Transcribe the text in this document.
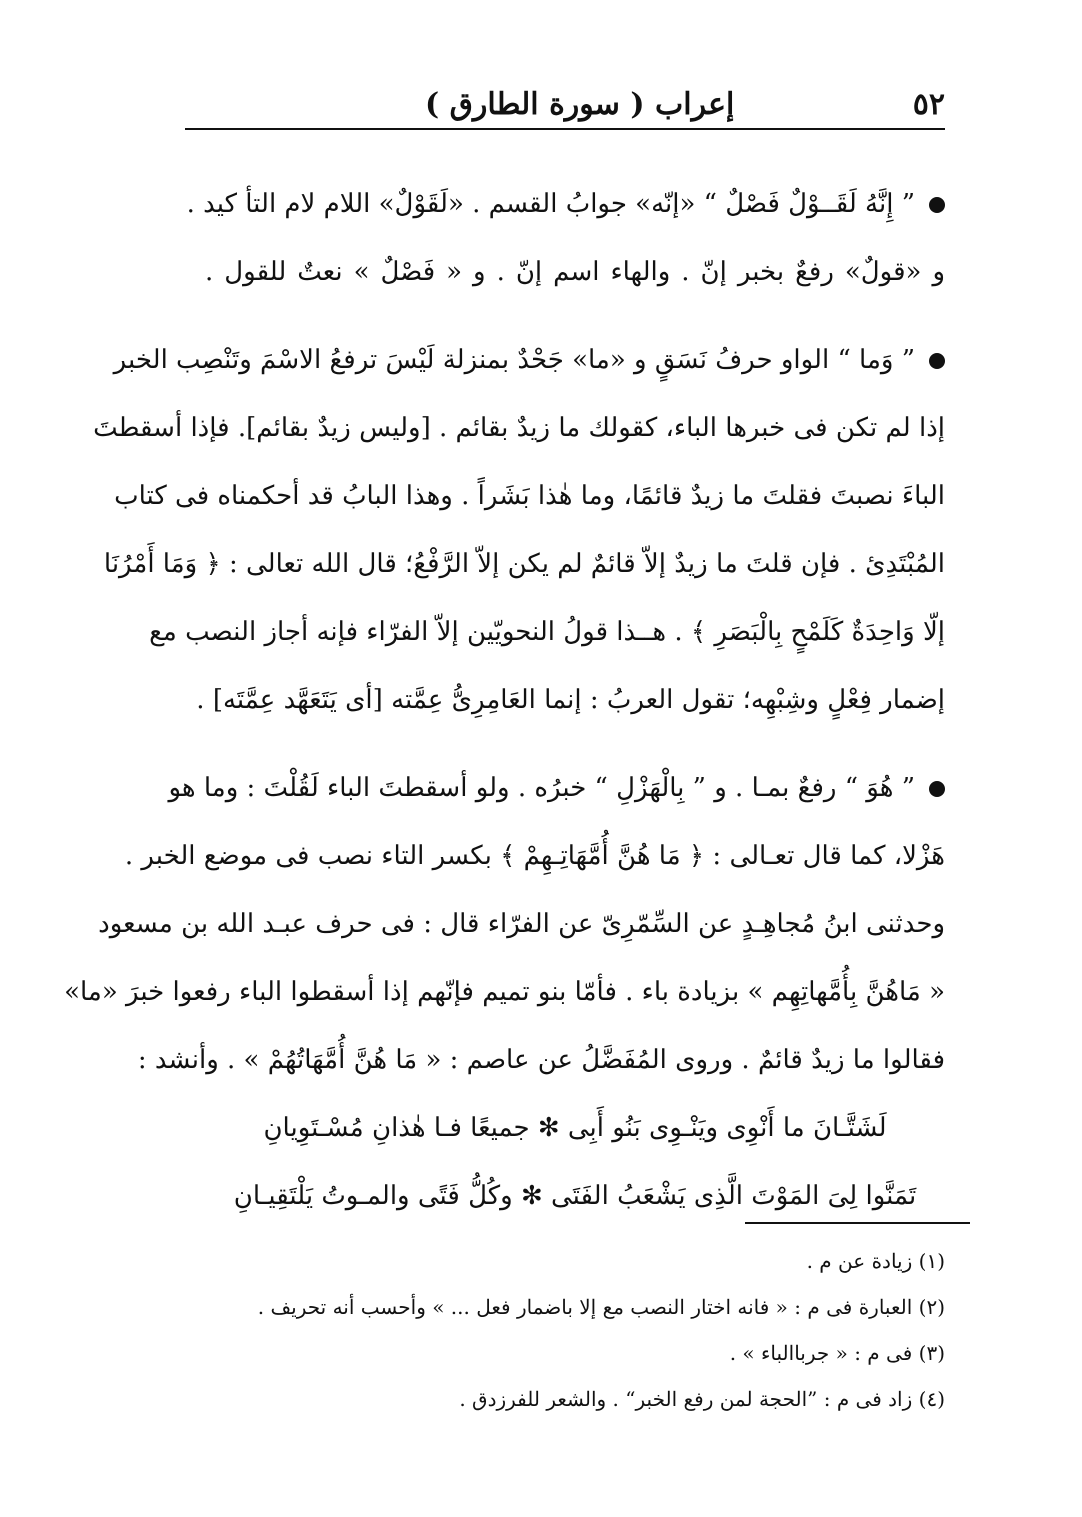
إعراب ( سورة الطارق )	٥٢
” إِنَّهُ لَقَــوْلٌ فَصْلٌ “ «إنّه» جوابُ القسم . «لَقَوْلٌ» اللام لام التأ كيد .
و «قولٌ» رفعٌ بخبر إنّ . والهاء اسم إنّ . و « فَصْلٌ » نعتٌ للقول .
” وَما “ الواو حرفُ نَسَقٍ و «ما» جَحْدٌ بمنزلة لَيْسَ ترفعُ الاسْمَ وتَنْصِب الخبر
إذا لم تكن فى خبرها الباء، كقولك ما زيدٌ بقائم . [وليس زيدٌ بقائم]. فإذا أسقطتَ
الباءَ نصبتَ فقلتَ ما زيدٌ قائمًا، وما هٰذا بَشَراً . وهذا البابُ قد أحكمناه فى كتاب
المُبْتَدِئ . فإن قلتَ ما زيدٌ إلاّ قائمٌ لم يكن إلاّ الرَّفْعُ؛ قال الله تعالى : ﴿ وَمَا أَمْرُنَا
إلّا وَاحِدَةٌ كَلَمْحٍ بِالْبَصَرِ ﴾ . هــذا قولُ النحويّين إلاّ الفرّاء فإنه أجاز النصب مع
إضمار فِعْلٍ وشِبْهِه؛ تقول العربُ : إنما العَامِرِىُّ عِمَّته [أى يَتَعَهَّد عِمَّتَه] .
” هُوَ “ رفعٌ بمـا . و ” بِالْهَزْلِ “ خبرُه . ولو أسقطتَ الباء لَقُلْتَ : وما هو
هَزْلا، كما قال تعـالى : ﴿ مَا هُنَّ أُمَّهَاتِـهِمْ ﴾ بكسر التاء نصب فى موضع الخبر .
وحدثنى ابنُ مُجاهِـدٍ عن السِّمّرِىّ عن الفرّاء قال : فى حرف عبـد الله بن مسعود
« مَاهُنَّ بِأُمَّهاتِهِم » بزيادة باء . فأمّا بنو تميم فإنّهم إذا أسقطوا الباء رفعوا خبرَ «ما»
فقالوا ما زيدٌ قائمٌ . وروى المُفَضَّلُ عن عاصم : « مَا هُنَّ أُمَّهَاتُهُمْ » . وأنشد :
لَشَتَّـانَ ما أَنْوِى ويَنْـوِى بَنُو أَبِى ✻ جميعًا فـا هٰذانِ مُسْـتَوِيانِ
تَمَنَّوا لِىَ المَوْتَ الَّذِى يَشْعَبُ الفَتَى ✻ وكُلُّ فَتًى والمـوتُ يَلْتَقِيـانِ
(١) زيادة عن م .
(٢) العبارة فى م : « فانه اختار النصب مع إلا باضمار فعل ... » وأحسب أنه تحريف .
(٣) فى م : « جرباالباء » .
(٤) زاد فى م : ”الحجة لمن رفع الخبر“ . والشعر للفرزدق .
